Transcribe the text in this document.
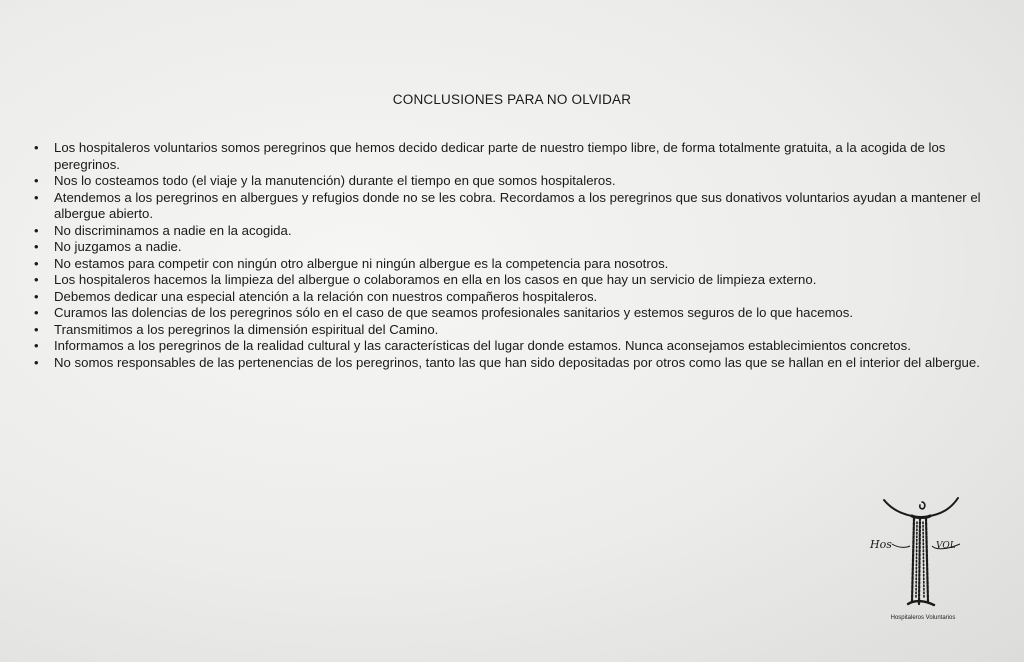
CONCLUSIONES PARA NO OLVIDAR
• Los hospitaleros voluntarios somos peregrinos que hemos decido dedicar parte de nuestro tiempo libre, de forma totalmente gratuita, a la acogida de los peregrinos.
• Nos lo costeamos todo (el viaje y la manutención) durante el tiempo en que somos hospitaleros.
• Atendemos a los peregrinos en albergues y refugios donde no se les cobra. Recordamos a los peregrinos que sus donativos voluntarios ayudan a mantener el albergue abierto.
• No discriminamos a nadie en la acogida.
• No juzgamos a nadie.
• No estamos para competir con ningún otro albergue ni ningún albergue es la competencia para nosotros.
• Los hospitaleros hacemos la limpieza del albergue o colaboramos en ella en los casos en que hay un servicio de limpieza externo.
• Debemos dedicar una especial atención a la relación con nuestros compañeros hospitaleros.
• Curamos las dolencias de los peregrinos sólo en el caso de que seamos profesionales sanitarios y estemos seguros de lo que hacemos.
• Transmitimos a los peregrinos la dimensión espiritual del Camino.
• Informamos a los peregrinos de la realidad cultural y las características del lugar donde estamos. Nunca aconsejamos establecimientos concretos.
• No somos responsables de las pertenencias de los peregrinos, tanto las que han sido depositadas por otros como las que se hallan en el interior del albergue.
Hos	VOL
Hospitaleros Voluntarios
